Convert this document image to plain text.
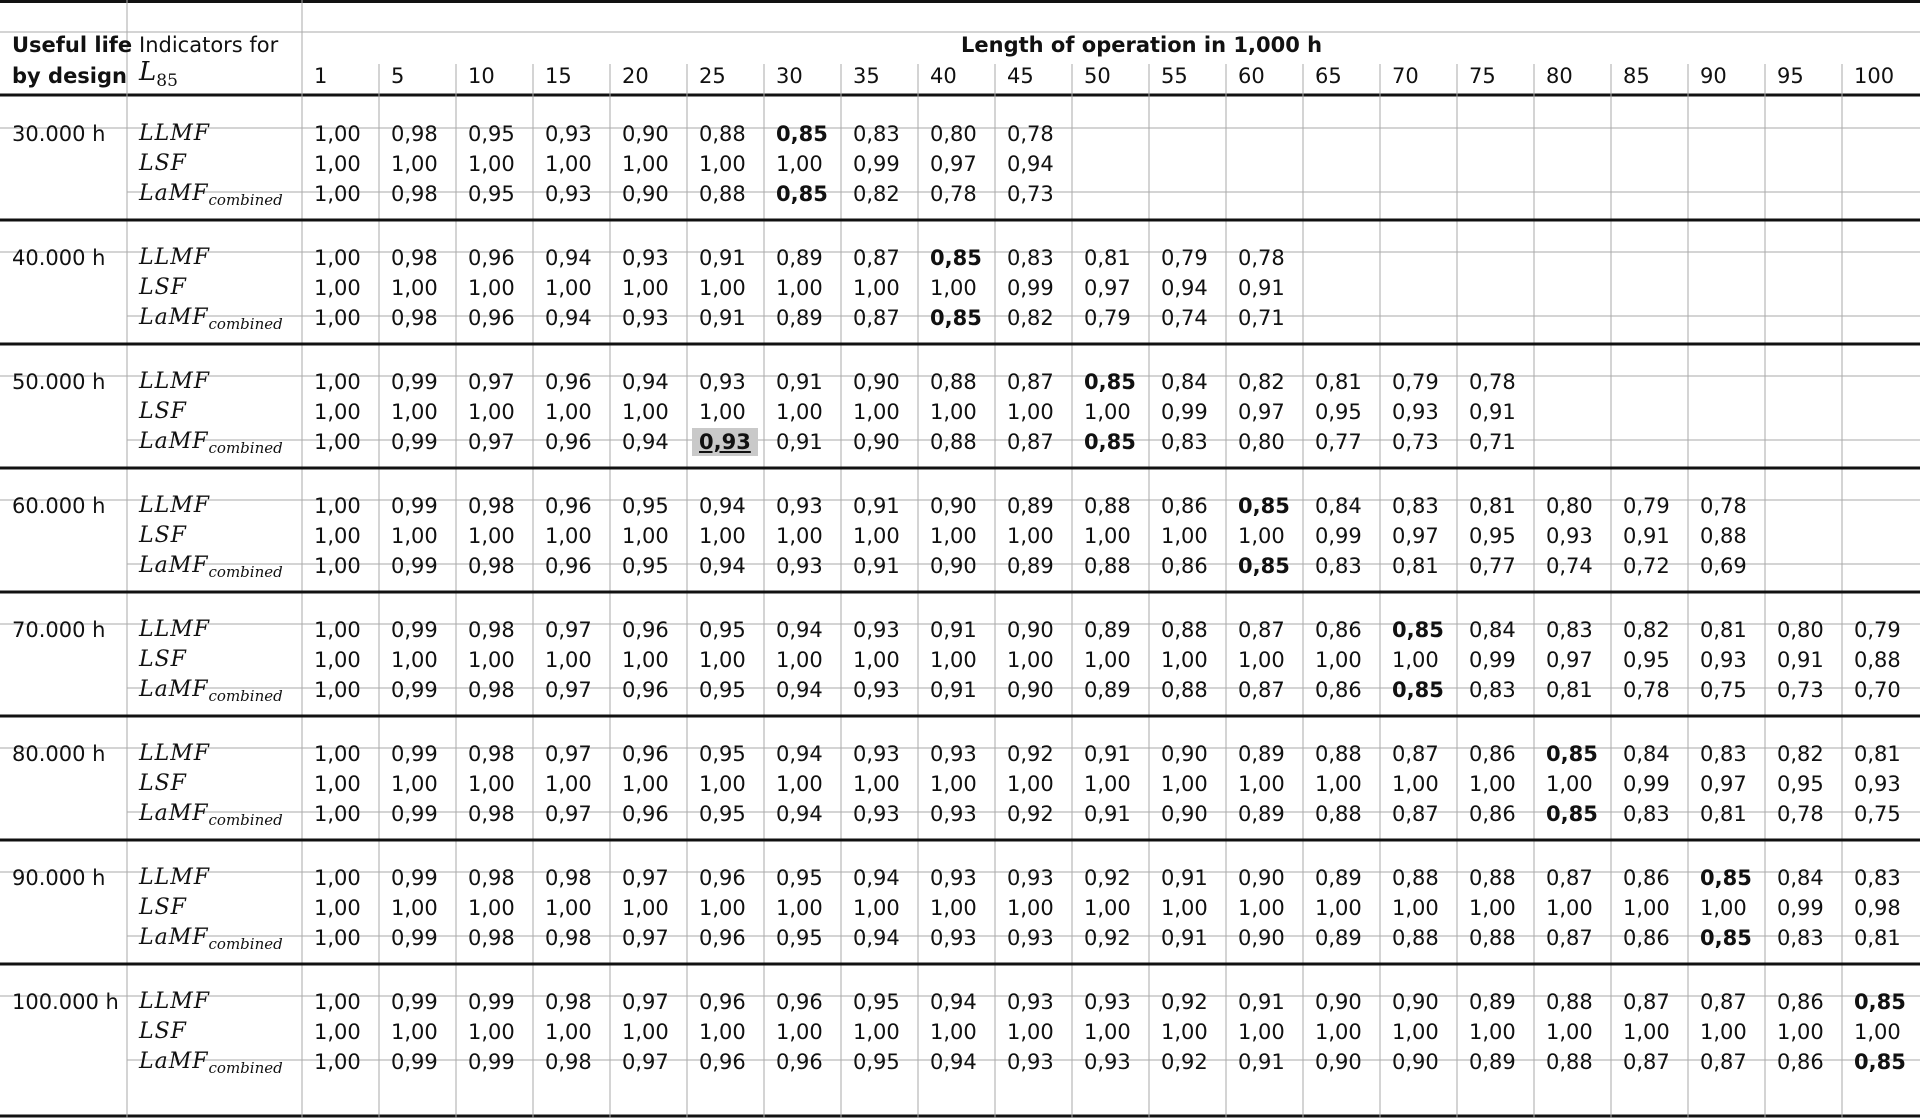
Useful life
by design
Indicators for
$L_{85}$
Length of operation in 1,000 h
1	5	10 15 20 25 30 35 40 45 50 55 60 65 70 75 80 85 90 95 100
30.000 h LLMF	1,00 0,98 0,95 0,93 0,90 0,88 0,85 0,83 0,80 0,78
LSF	1,00 1,00 1,00 1,00 1,00 1,00 1,00 0,99 0,97 0,94
LaMF$_{combined}$ 1,00 0,98 0,95 0,93 0,90 0,88 0,85 0,82 0,78 0,73
40.000 h LLMF	1,00 0,98 0,96 0,94 0,93 0,91 0,89 0,87 0,85 0,83 0,81 0,79 0,78
LSF	1,00 1,00 1,00 1,00 1,00 1,00 1,00 1,00 1,00 0,99 0,97 0,94 0,91
LaMF$_{combined}$ 1,00 0,98 0,96 0,94 0,93 0,91 0,89 0,87 0,85 0,82 0,79 0,74 0,71
50.000 h LLMF	1,00 0,99 0,97 0,96 0,94 0,93 0,91 0,90 0,88 0,87 0,85 0,84 0,82 0,81 0,79 0,78
LSF	1,00 1,00 1,00 1,00 1,00 1,00 1,00 1,00 1,00 1,00 1,00 0,99 0,97 0,95 0,93 0,91
LaMF$_{combined}$ 1,00 0,99 0,97 0,96 0,94	0,93	0,91 0,90 0,88 0,87 0,85 0,83 0,80 0,77 0,73 0,71
60.000 h LLMF	1,00 0,99 0,98 0,96 0,95 0,94 0,93 0,91 0,90 0,89 0,88 0,86 0,85 0,84 0,83 0,81 0,80 0,79 0,78
LSF	1,00 1,00 1,00 1,00 1,00 1,00 1,00 1,00 1,00 1,00 1,00 1,00 1,00 0,99 0,97 0,95 0,93 0,91 0,88
LaMF$_{combined}$ 1,00 0,99 0,98 0,96 0,95 0,94 0,93 0,91 0,90 0,89 0,88 0,86 0,85 0,83 0,81 0,77 0,74 0,72 0,69
70.000 h LLMF	1,00 0,99 0,98 0,97 0,96 0,95 0,94 0,93 0,91 0,90 0,89 0,88 0,87 0,86 0,85 0,84 0,83 0,82 0,81 0,80 0,79
LSF	1,00 1,00 1,00 1,00 1,00 1,00 1,00 1,00 1,00 1,00 1,00 1,00 1,00 1,00 1,00 0,99 0,97 0,95 0,93 0,91 0,88
LaMF$_{combined}$ 1,00 0,99 0,98 0,97 0,96 0,95 0,94 0,93 0,91 0,90 0,89 0,88 0,87 0,86 0,85 0,83 0,81 0,78 0,75 0,73 0,70
80.000 h LLMF	1,00 0,99 0,98 0,97 0,96 0,95 0,94 0,93 0,93 0,92 0,91 0,90 0,89 0,88 0,87 0,86 0,85 0,84 0,83 0,82 0,81
LSF	1,00 1,00 1,00 1,00 1,00 1,00 1,00 1,00 1,00 1,00 1,00 1,00 1,00 1,00 1,00 1,00 1,00 0,99 0,97 0,95 0,93
LaMF$_{combined}$ 1,00 0,99 0,98 0,97 0,96 0,95 0,94 0,93 0,93 0,92 0,91 0,90 0,89 0,88 0,87 0,86 0,85 0,83 0,81 0,78 0,75
90.000 h LLMF	1,00 0,99 0,98 0,98 0,97 0,96 0,95 0,94 0,93 0,93 0,92 0,91 0,90 0,89 0,88 0,88 0,87 0,86 0,85 0,84 0,83
LSF	1,00 1,00 1,00 1,00 1,00 1,00 1,00 1,00 1,00 1,00 1,00 1,00 1,00 1,00 1,00 1,00 1,00 1,00 1,00 0,99 0,98
LaMF$_{combined}$ 1,00 0,99 0,98 0,98 0,97 0,96 0,95 0,94 0,93 0,93 0,92 0,91 0,90 0,89 0,88 0,88 0,87 0,86 0,85 0,83 0,81
100.000 h LLMF	1,00 0,99 0,99 0,98 0,97 0,96 0,96 0,95 0,94 0,93 0,93 0,92 0,91 0,90 0,90 0,89 0,88 0,87 0,87 0,86 0,85
LSF	1,00 1,00 1,00 1,00 1,00 1,00 1,00 1,00 1,00 1,00 1,00 1,00 1,00 1,00 1,00 1,00 1,00 1,00 1,00 1,00 1,00
LaMF$_{combined}$ 1,00 0,99 0,99 0,98 0,97 0,96 0,96 0,95 0,94 0,93 0,93 0,92 0,91 0,90 0,90 0,89 0,88 0,87 0,87 0,86 0,85
